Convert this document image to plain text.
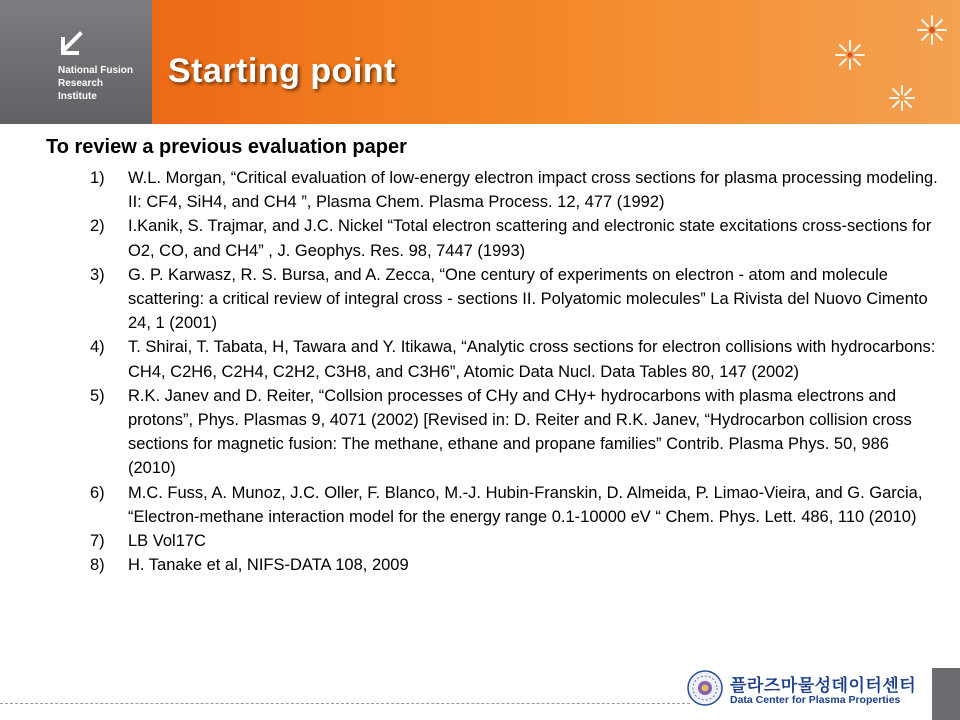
National Fusion
Research
Institute
Starting point
To review a previous evaluation paper
1) W.L. Morgan, “Critical evaluation of low-energy electron impact cross sections for plasma processing modeling. II: CF4, SiH4, and CH4 ”, Plasma Chem. Plasma Process. 12, 477 (1992)
2) I.Kanik, S. Trajmar, and J.C. Nickel “Total electron scattering and electronic state excitations cross-sections for O2, CO, and CH4” , J. Geophys. Res. 98, 7447 (1993)
3) G. P. Karwasz, R. S. Bursa, and A. Zecca, “One century of experiments on electron - atom and molecule scattering: a critical review of integral cross - sections II. Polyatomic molecules” La Rivista del Nuovo Cimento 24, 1 (2001)
4) T. Shirai, T. Tabata, H, Tawara and Y. Itikawa, “Analytic cross sections for electron collisions with hydrocarbons: CH4, C2H6, C2H4, C2H2, C3H8, and C3H6”, Atomic Data Nucl. Data Tables 80, 147 (2002)
5) R.K. Janev and D. Reiter, “Collsion processes of CHy and CHy+ hydrocarbons with plasma electrons and protons”, Phys. Plasmas 9, 4071 (2002) [Revised in: D. Reiter and R.K. Janev, “Hydrocarbon collision cross sections for magnetic fusion: The methane, ethane and propane families” Contrib. Plasma Phys. 50, 986 (2010)
6) M.C. Fuss, A. Munoz, J.C. Oller, F. Blanco, M.-J. Hubin-Franskin, D. Almeida, P. Limao-Vieira, and G. Garcia, “Electron-methane interaction model for the energy range 0.1-10000 eV “ Chem. Phys. Lett. 486, 110 (2010)
7) LB Vol17C
8) H. Tanake et al, NIFS-DATA 108, 2009
플라즈마물성데이터센터
Data Center for Plasma Properties
